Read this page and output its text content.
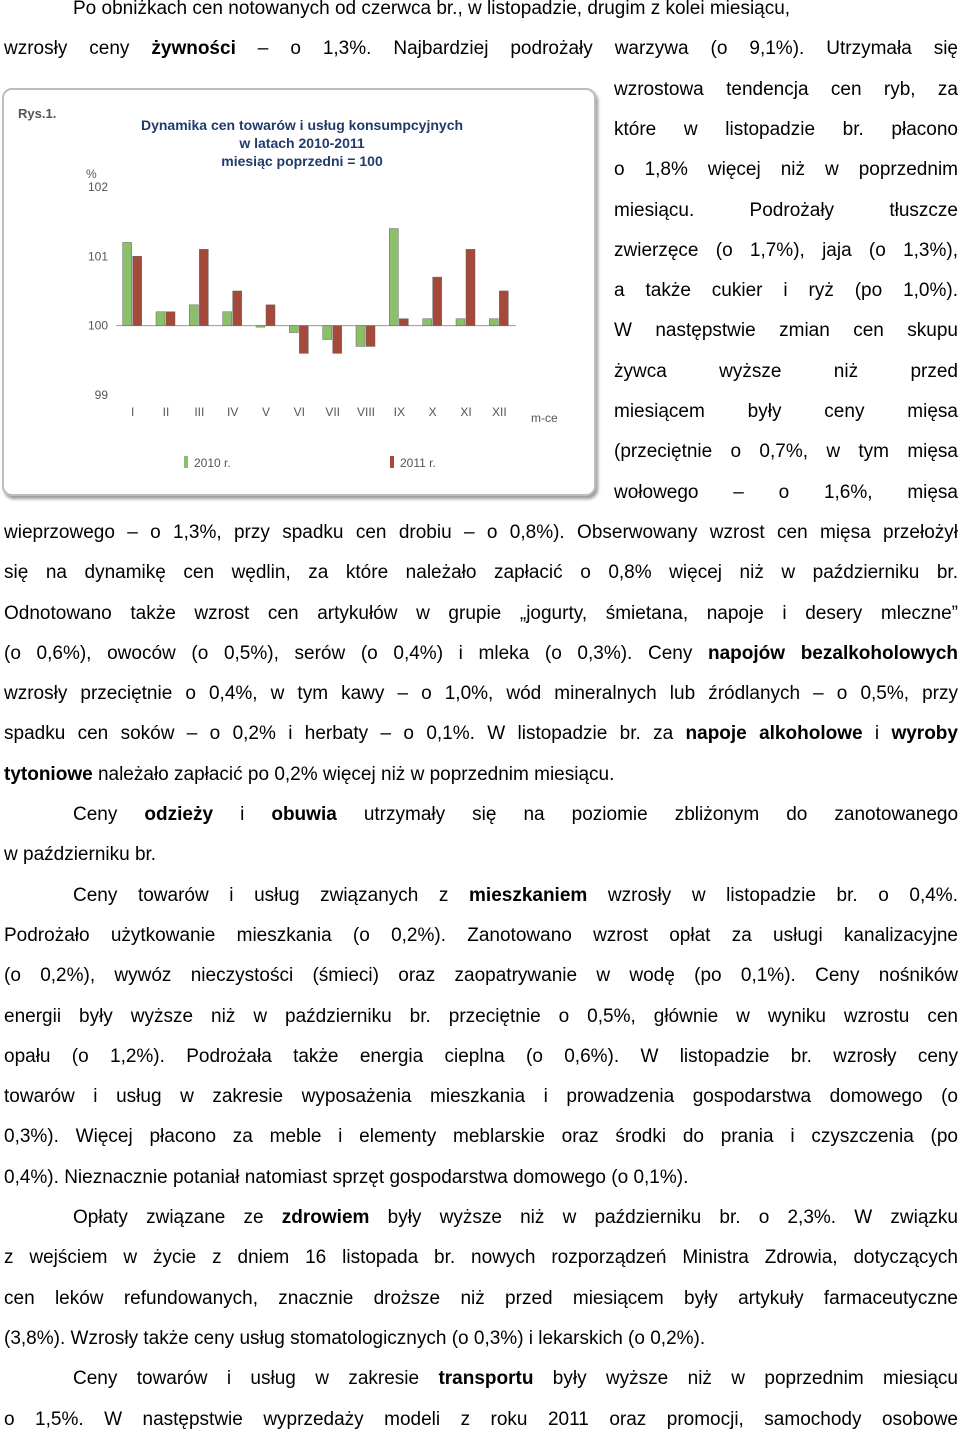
Po obniżkach cen notowanych od czerwca br., w listopadzie, drugim z kolei miesiącu,
wzrosły ceny żywności – o 1,3%. Najbardziej podrożały warzywa (o 9,1%). Utrzymała się
wzrostowa tendencja cen ryb, za
które w listopadzie br. płacono
o 1,8% więcej niż w poprzednim
miesiącu. Podrożały tłuszcze
zwierzęce (o 1,7%), jaja (o 1,3%),
a także cukier i ryż (po 1,0%).
W następstwie zmian cen skupu
żywca wyższe niż przed
miesiącem były ceny mięsa
(przeciętnie o 0,7%, w tym mięsa
wołowego – o 1,6%, mięsa
wieprzowego – o 1,3%, przy spadku cen drobiu – o 0,8%). Obserwowany wzrost cen mięsa przełożył
się na dynamikę cen wędlin, za które należało zapłacić o 0,8% więcej niż w październiku br.
Odnotowano także wzrost cen artykułów w grupie „jogurty, śmietana, napoje i desery mleczne”
(o 0,6%), owoców (o 0,5%), serów (o 0,4%) i mleka (o 0,3%). Ceny napojów bezalkoholowych
wzrosły przeciętnie o 0,4%, w tym kawy – o 1,0%, wód mineralnych lub źródlanych – o 0,5%, przy
spadku cen soków – o 0,2% i herbaty – o 0,1%. W listopadzie br. za napoje alkoholowe i wyroby
tytoniowe należało zapłacić po 0,2% więcej niż w poprzednim miesiącu.
Ceny odzieży i obuwia utrzymały się na poziomie zbliżonym do zanotowanego
w październiku br.
Ceny towarów i usług związanych z mieszkaniem wzrosły w listopadzie br. o 0,4%.
Podrożało użytkowanie mieszkania (o 0,2%). Zanotowano wzrost opłat za usługi kanalizacyjne
(o 0,2%), wywóz nieczystości (śmieci) oraz zaopatrywanie w wodę (po 0,1%). Ceny nośników
energii były wyższe niż w październiku br. przeciętnie o 0,5%, głównie w wyniku wzrostu cen
opału (o 1,2%). Podrożała także energia cieplna (o 0,6%). W listopadzie br. wzrosły ceny
towarów i usług w zakresie wyposażenia mieszkania i prowadzenia gospodarstwa domowego (o
0,3%). Więcej płacono za meble i elementy meblarskie oraz środki do prania i czyszczenia (po
0,4%). Nieznacznie potaniał natomiast sprzęt gospodarstwa domowego (o 0,1%).
Opłaty związane ze zdrowiem były wyższe niż w październiku br. o 2,3%. W związku
z wejściem w życie z dniem 16 listopada br. nowych rozporządzeń Ministra Zdrowia, dotyczących
cen leków refundowanych, znacznie droższe niż przed miesiącem były artykuły farmaceutyczne
(3,8%). Wzrosły także ceny usług stomatologicznych (o 0,3%) i lekarskich (o 0,2%).
Ceny towarów i usług w zakresie transportu były wyższe niż w poprzednim miesiącu
o 1,5%. W następstwie wyprzedaży modeli z roku 2011 oraz promocji, samochody osobowe
Rys.1.
Dynamika cen towarów i usług konsumpcyjnych
w latach 2010-2011
miesiąc poprzedni = 100
%
m-ce
99
100
101
102
I II III IV V VI VII VIII IX X XI XII
2010 r.	2011 r.
